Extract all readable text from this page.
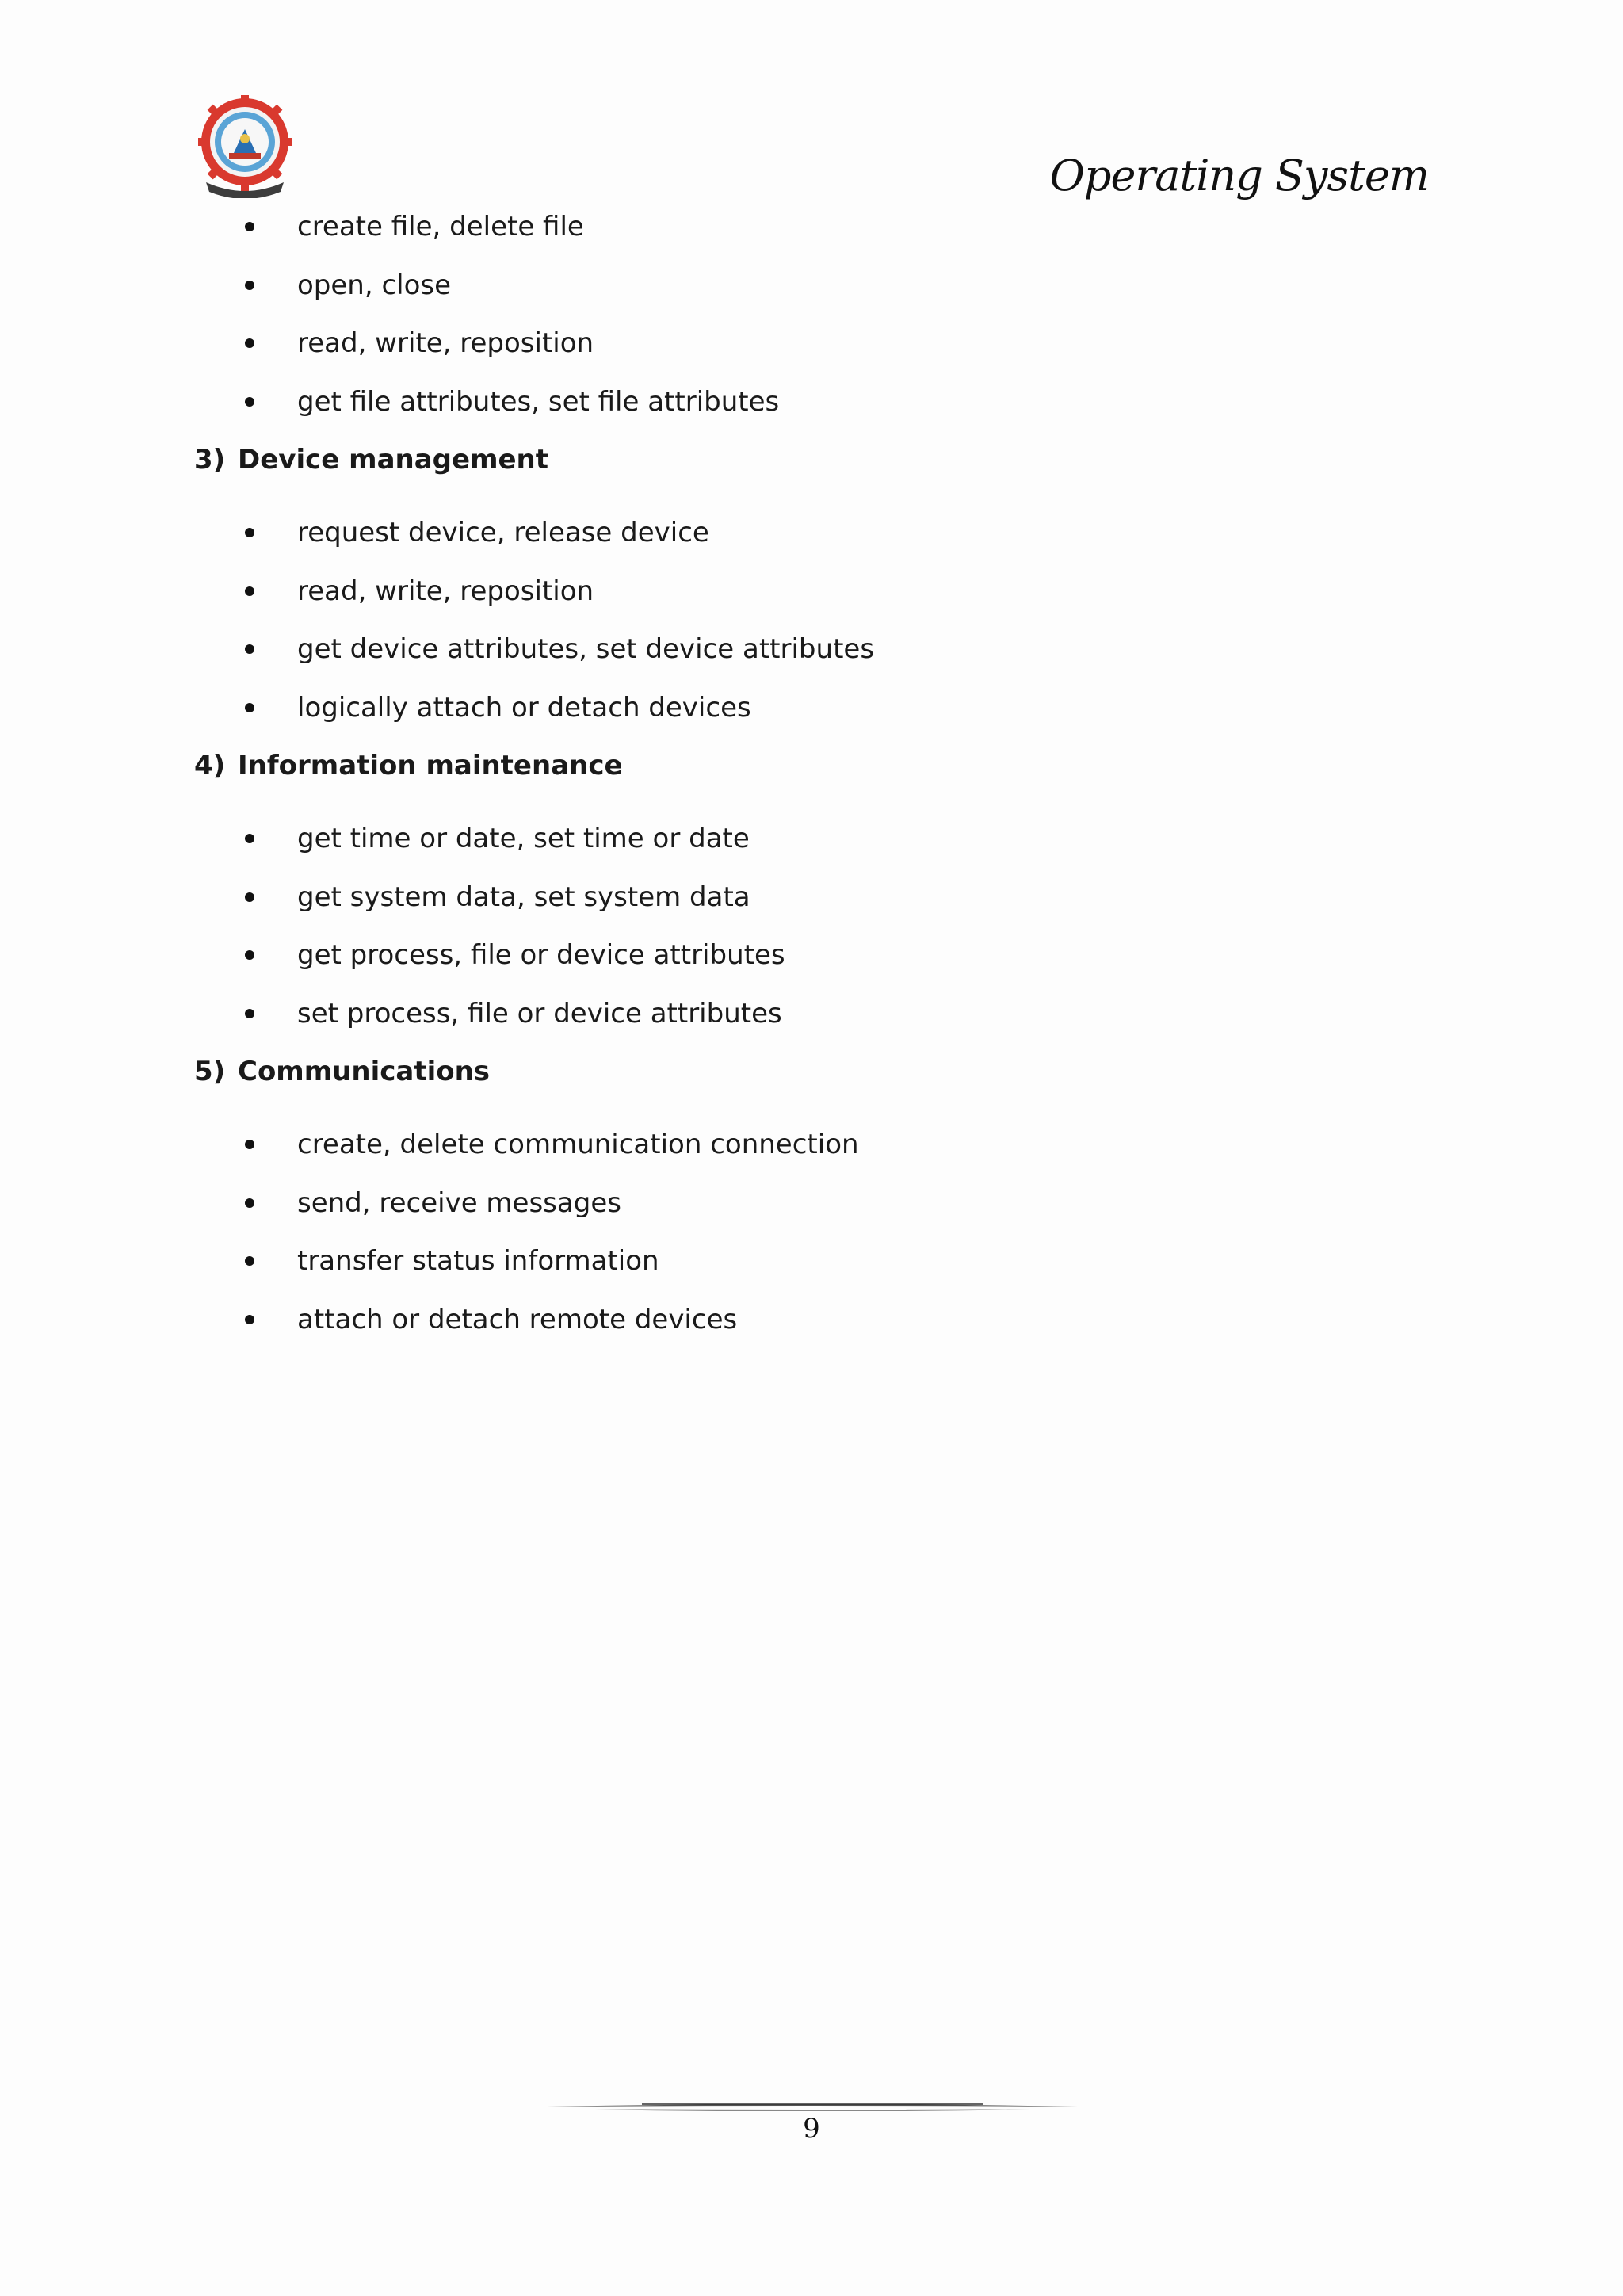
Operating System
create file, delete file
open, close
read, write, reposition
get file attributes, set file attributes
3) Device management
request device, release device
read, write, reposition
get device attributes, set device attributes
logically attach or detach devices
4) Information maintenance
get time or date, set time or date
get system data, set system data
get process, file or device attributes
set process, file or device attributes
5) Communications
create, delete communication connection
send, receive messages
transfer status information
attach or detach remote devices
9
